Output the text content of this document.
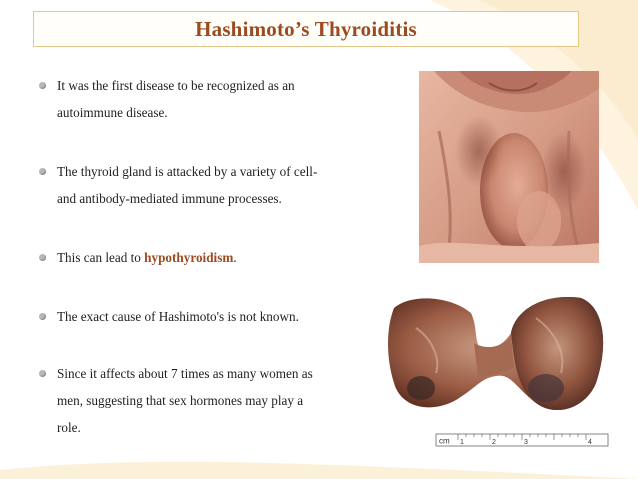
Hashimoto’s Thyroiditis
It was the first disease to be recognized as an
autoimmune disease.
The thyroid gland is attacked by a variety of cell-
and antibody-mediated immune processes.
This can lead to hypothyroidism.
The exact cause of Hashimoto's is not known.
Since it affects about 7 times as many women as
men, suggesting that sex hormones may play a
role.
cm 1	2	3	4
